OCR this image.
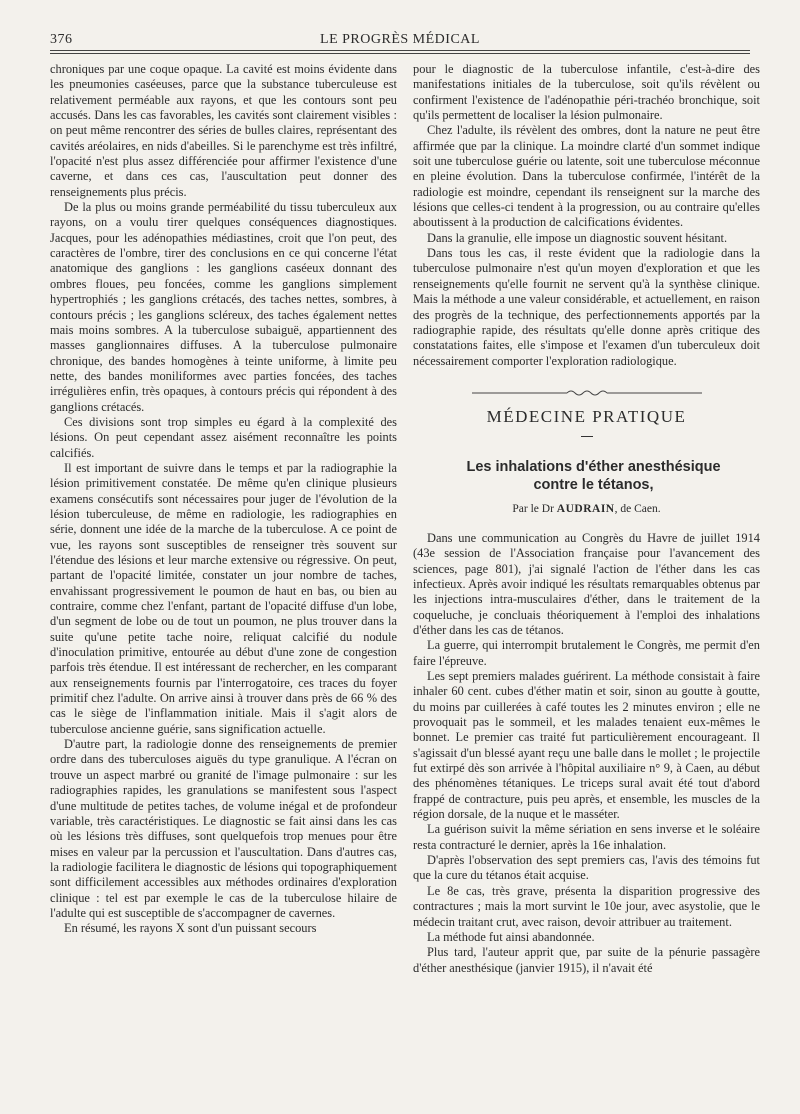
376	LE PROGRÈS MÉDICAL

chroniques par une coque opaque. La cavité est moins évidente dans les pneumonies caséeuses, parce que la substance tuberculeuse est relativement perméable aux rayons, et que les contours sont peu accusés. Dans les cas favorables, les cavités sont clairement visibles : on peut même rencontrer des séries de bulles claires, représentant des cavités aréolaires, en nids d'abeilles. Si le parenchyme est très infiltré, l'opacité n'est plus assez différenciée pour affirmer l'existence d'une caverne, et dans ces cas, l'auscultation peut donner des renseignements plus précis.

De la plus ou moins grande perméabilité du tissu tuberculeux aux rayons, on a voulu tirer quelques conséquences diagnostiques. Jacques, pour les adénopathies médiastines, croit que l'on peut, des caractères de l'ombre, tirer des conclusions en ce qui concerne l'état anatomique des ganglions : les ganglions caséeux donnant des ombres floues, peu foncées, comme les ganglions simplement hypertrophiés ; les ganglions crétacés, des taches nettes, sombres, à contours précis ; les ganglions scléreux, des taches également nettes mais moins sombres. A la tuberculose subaiguë, appartiennent des masses ganglionnaires diffuses. A la tuberculose pulmonaire chronique, des bandes homogènes à teinte uniforme, à limite peu nette, des bandes moniliformes avec parties foncées, des taches irrégulières enfin, très opaques, à contours précis qui répondent à des ganglions crétacés.

Ces divisions sont trop simples eu égard à la complexité des lésions. On peut cependant assez aisément reconnaître les points calcifiés.

Il est important de suivre dans le temps et par la radiographie la lésion primitivement constatée. De même qu'en clinique plusieurs examens consécutifs sont nécessaires pour juger de l'évolution de la lésion tuberculeuse, de même en radiologie, les radiographies en série, donnent une idée de la marche de la tuberculose. A ce point de vue, les rayons sont susceptibles de renseigner très souvent sur l'étendue des lésions et leur marche extensive ou régressive. On peut, partant de l'opacité limitée, constater un jour nombre de taches, envahissant progressivement le poumon de haut en bas, ou bien au contraire, comme chez l'enfant, partant de l'opacité diffuse d'un lobe, d'un segment de lobe ou de tout un poumon, ne plus trouver dans la suite qu'une petite tache noire, reliquat calcifié du nodule d'inoculation primitive, entourée au début d'une zone de congestion parfois très étendue. Il est intéressant de rechercher, en les comparant aux renseignements fournis par l'interrogatoire, ces traces du foyer primitif chez l'adulte. On arrive ainsi à trouver dans près de 66 % des cas le siège de l'inflammation initiale. Mais il s'agit alors de tuberculose ancienne guérie, sans signification actuelle.

D'autre part, la radiologie donne des renseignements de premier ordre dans des tuberculoses aiguës du type granulique. A l'écran on trouve un aspect marbré ou granité de l'image pulmonaire : sur les radiographies rapides, les granulations se manifestent sous l'aspect d'une multitude de petites taches, de volume inégal et de profondeur variable, très caractéristiques. Le diagnostic se fait ainsi dans les cas où les lésions très diffuses, sont quelquefois trop menues pour être mises en valeur par la percussion et l'auscultation. Dans d'autres cas, la radiologie facilitera le diagnostic de lésions qui topographiquement sont difficilement accessibles aux méthodes ordinaires d'exploration clinique : tel est par exemple le cas de la tuberculose hilaire de l'adulte qui est susceptible de s'accompagner de cavernes.

En résumé, les rayons X sont d'un puissant secours

pour le diagnostic de la tuberculose infantile, c'est-à-dire des manifestations initiales de la tuberculose, soit qu'ils révèlent ou confirment l'existence de l'adénopathie péri-trachéo bronchique, soit qu'ils permettent de localiser la lésion pulmonaire.

Chez l'adulte, ils révèlent des ombres, dont la nature ne peut être affirmée que par la clinique. La moindre clarté d'un sommet indique soit une tuberculose guérie ou latente, soit une tuberculose méconnue en pleine évolution. Dans la tuberculose confirmée, l'intérêt de la radiologie est moindre, cependant ils renseignent sur la marche des lésions que celles-ci tendent à la progression, ou au contraire qu'elles aboutissent à la production de calcifications évidentes.

Dans la granulie, elle impose un diagnostic souvent hésitant.

Dans tous les cas, il reste évident que la radiologie dans la tuberculose pulmonaire n'est qu'un moyen d'exploration et que les renseignements qu'elle fournit ne servent qu'à la synthèse clinique. Mais la méthode a une valeur considérable, et actuellement, en raison des progrès de la technique, des perfectionnements apportés par la radiographie rapide, des résultats qu'elle donne après critique des constatations faites, elle s'impose et l'examen d'un tuberculeux doit nécessairement comporter l'exploration radiologique.

MÉDECINE PRATIQUE

Les inhalations d'éther anesthésique

contre le tétanos,

Par le Dr AUDRAIN, de Caen.

Dans une communication au Congrès du Havre de juillet 1914 (43e session de l'Association française pour l'avancement des sciences, page 801), j'ai signalé l'action de l'éther dans les cas infectieux. Après avoir indiqué les résultats remarquables obtenus par les injections intra-musculaires d'éther, dans le traitement de la coqueluche, je concluais théoriquement à l'emploi des inhalations d'éther dans les cas de tétanos.

La guerre, qui interrompit brutalement le Congrès, me permit d'en faire l'épreuve.

Les sept premiers malades guérirent. La méthode consistait à faire inhaler 60 cent. cubes d'éther matin et soir, sinon au goutte à goutte, du moins par cuillerées à café toutes les 2 minutes environ ; elle ne provoquait pas le sommeil, et les malades tenaient eux-mêmes le bonnet. Le premier cas traité fut particulièrement encourageant. Il s'agissait d'un blessé ayant reçu une balle dans le mollet ; le projectile fut extirpé dès son arrivée à l'hôpital auxiliaire n° 9, à Caen, au début des phénomènes tétaniques. Le triceps sural avait été tout d'abord frappé de contracture, puis peu après, et ensemble, les muscles de la région dorsale, de la nuque et le masséter.

La guérison suivit la même sériation en sens inverse et le soléaire resta contracturé le dernier, après la 16e inhalation.

D'après l'observation des sept premiers cas, l'avis des témoins fut que la cure du tétanos était acquise.

Le 8e cas, très grave, présenta la disparition progressive des contractures ; mais la mort survint le 10e jour, avec asystolie, que le médecin traitant crut, avec raison, devoir attribuer au traitement.

La méthode fut ainsi abandonnée.

Plus tard, l'auteur apprit que, par suite de la pénurie passagère d'éther anesthésique (janvier 1915), il n'avait été
